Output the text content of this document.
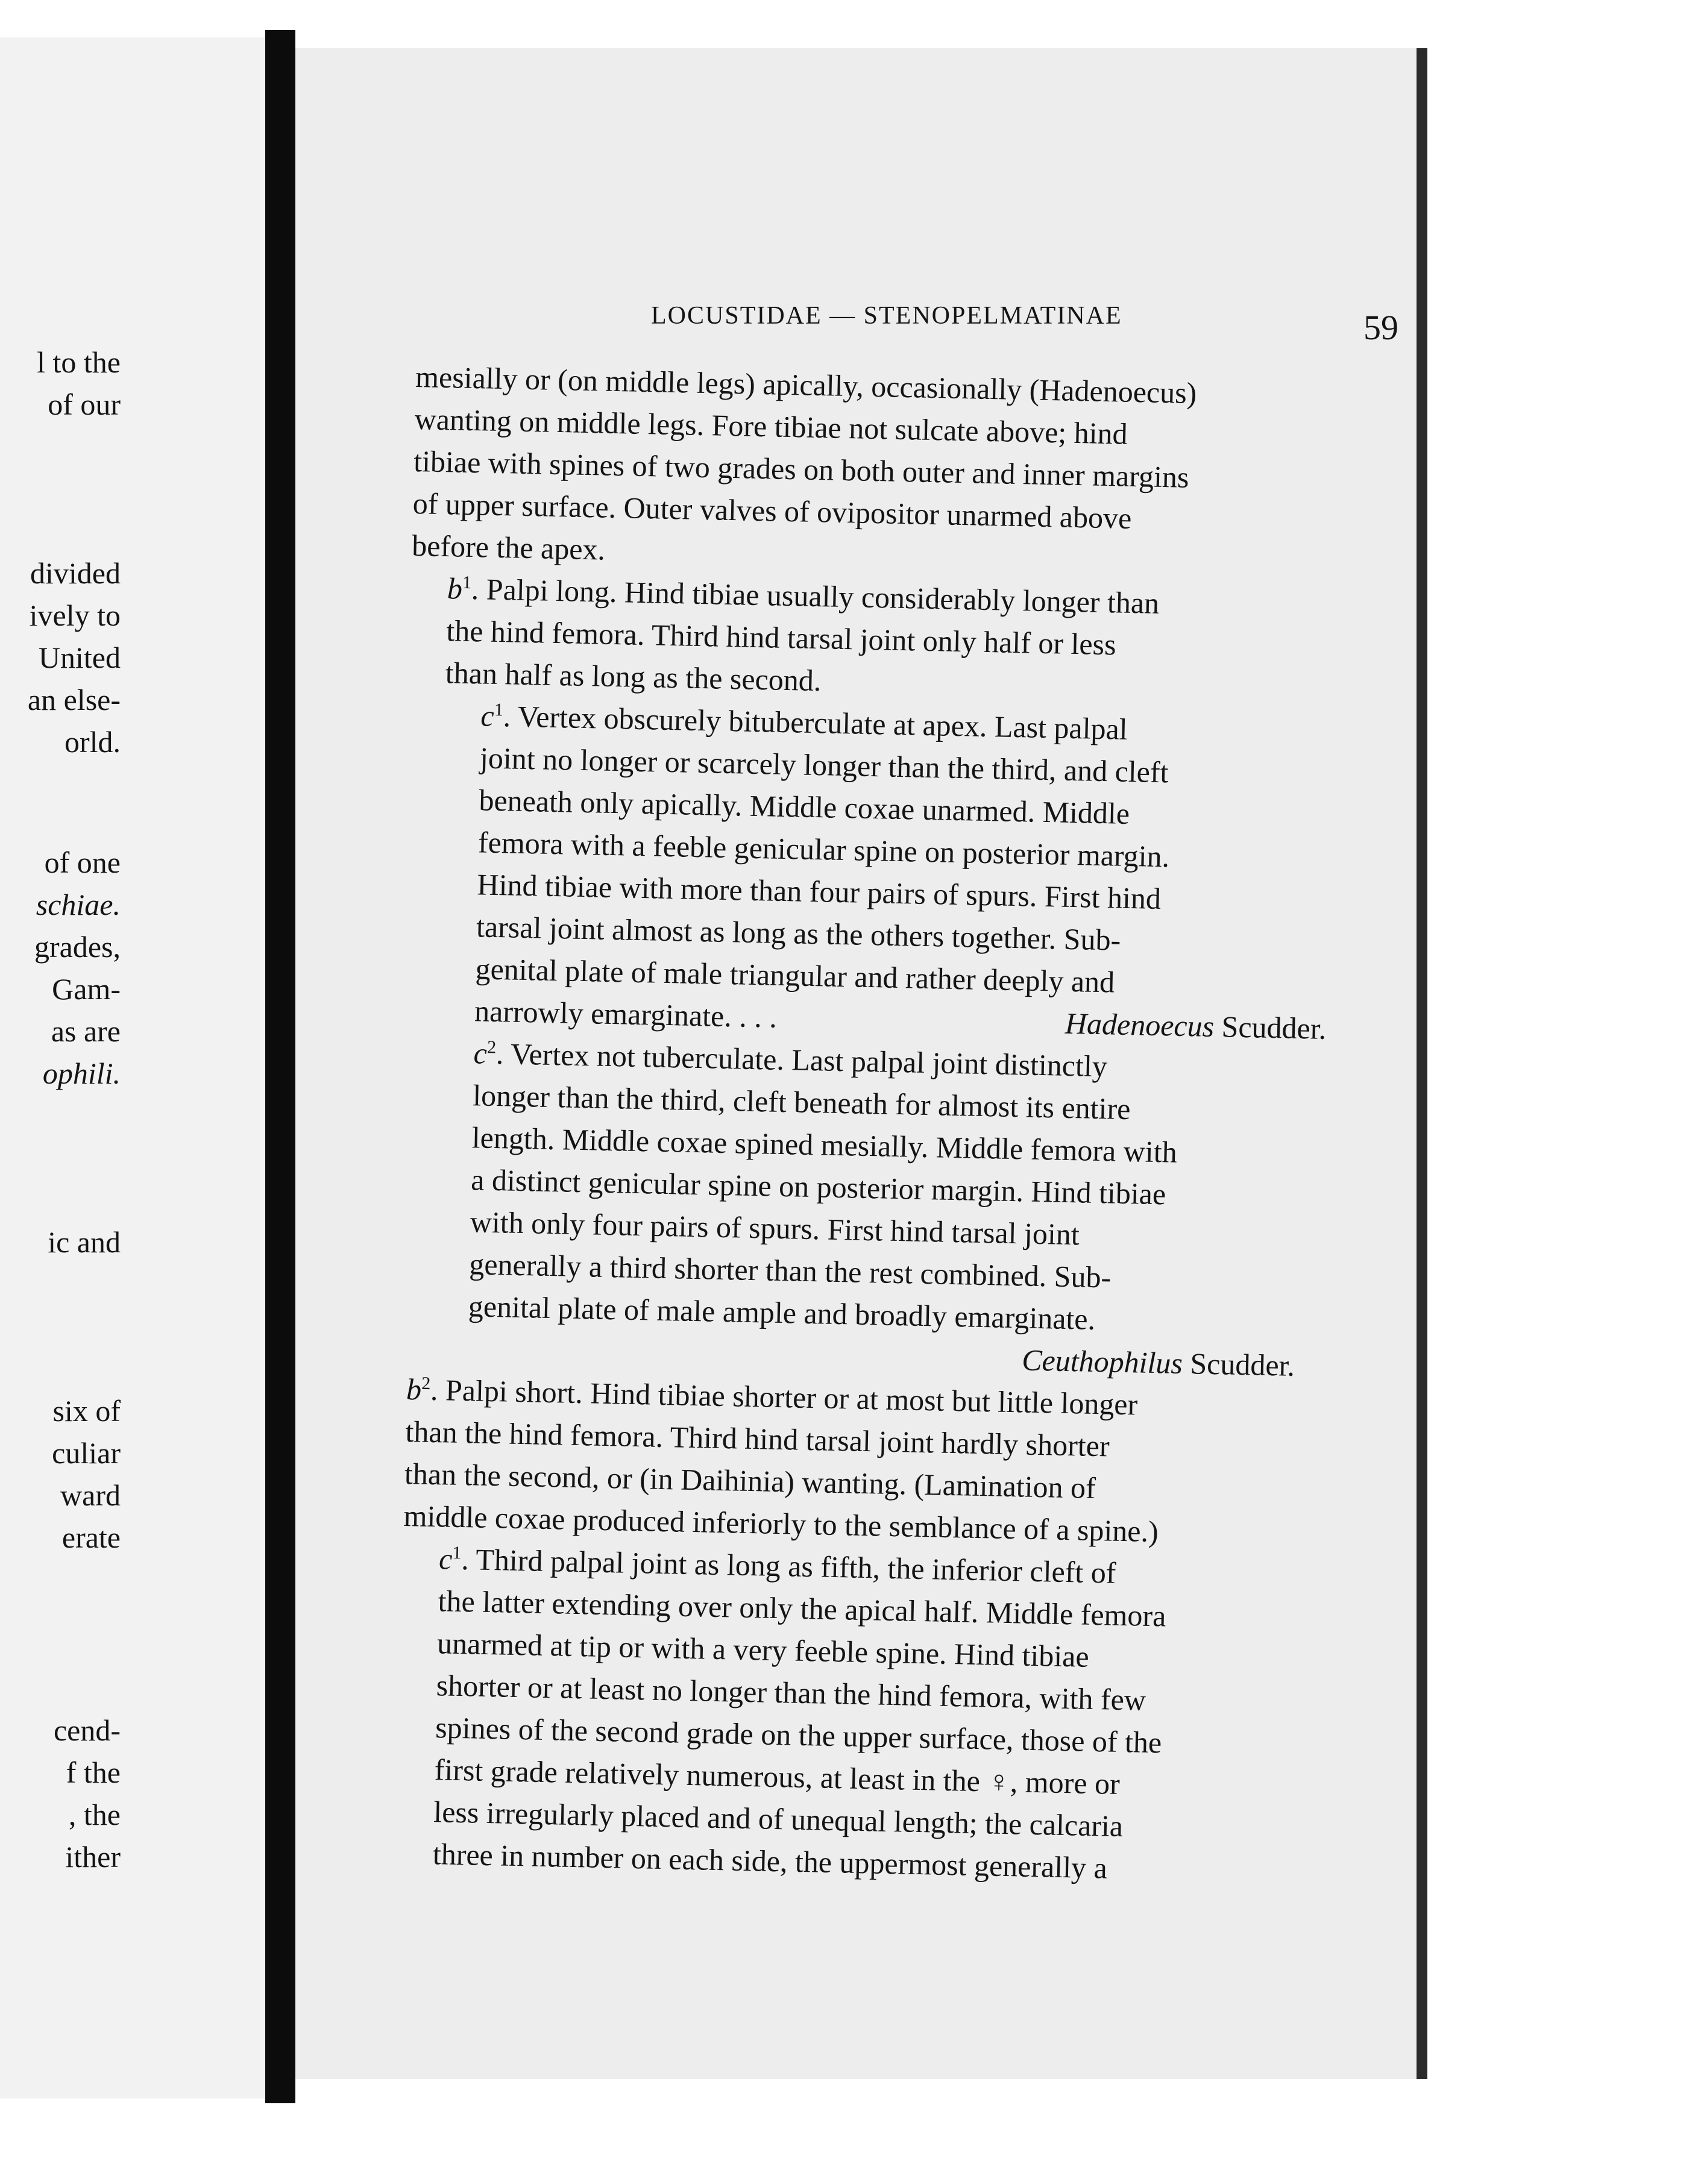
l to the
of our
divided
ively to
United
an else-
orld.
of one
schiae.
grades,
Gam-
as are
ophili.
ic and
six of
culiar
ward
erate
cend-
f the
, the
ither
LOCUSTIDAE — STENOPELMATINAE	59
mesially or (on middle legs) apically, occasionally (Hadenoecus)
wanting on middle legs. Fore tibiae not sulcate above; hind
tibiae with spines of two grades on both outer and inner margins
of upper surface. Outer valves of ovipositor unarmed above
before the apex.
$b^1$. Palpi long. Hind tibiae usually considerably longer than
the hind femora. Third hind tarsal joint only half or less
than half as long as the second.
$c^1$. Vertex obscurely bituberculate at apex. Last palpal
joint no longer or scarcely longer than the third, and cleft
beneath only apically. Middle coxae unarmed. Middle
femora with a feeble genicular spine on posterior margin.
Hind tibiae with more than four pairs of spurs. First hind
tarsal joint almost as long as the others together. Sub-
genital plate of male triangular and rather deeply and
narrowly emarginate. . . .	Hadenoecus Scudder.
$c^2$. Vertex not tuberculate. Last palpal joint distinctly
longer than the third, cleft beneath for almost its entire
length. Middle coxae spined mesially. Middle femora with
a distinct genicular spine on posterior margin. Hind tibiae
with only four pairs of spurs. First hind tarsal joint
generally a third shorter than the rest combined. Sub-
genital plate of male ample and broadly emarginate.
Ceuthophilus Scudder.
$b^2$. Palpi short. Hind tibiae shorter or at most but little longer
than the hind femora. Third hind tarsal joint hardly shorter
than the second, or (in Daihinia) wanting. (Lamination of
middle coxae produced inferiorly to the semblance of a spine.)
$c^1$. Third palpal joint as long as fifth, the inferior cleft of
the latter extending over only the apical half. Middle femora
unarmed at tip or with a very feeble spine. Hind tibiae
shorter or at least no longer than the hind femora, with few
spines of the second grade on the upper surface, those of the
first grade relatively numerous, at least in the ♀, more or
less irregularly placed and of unequal length; the calcaria
three in number on each side, the uppermost generally a
